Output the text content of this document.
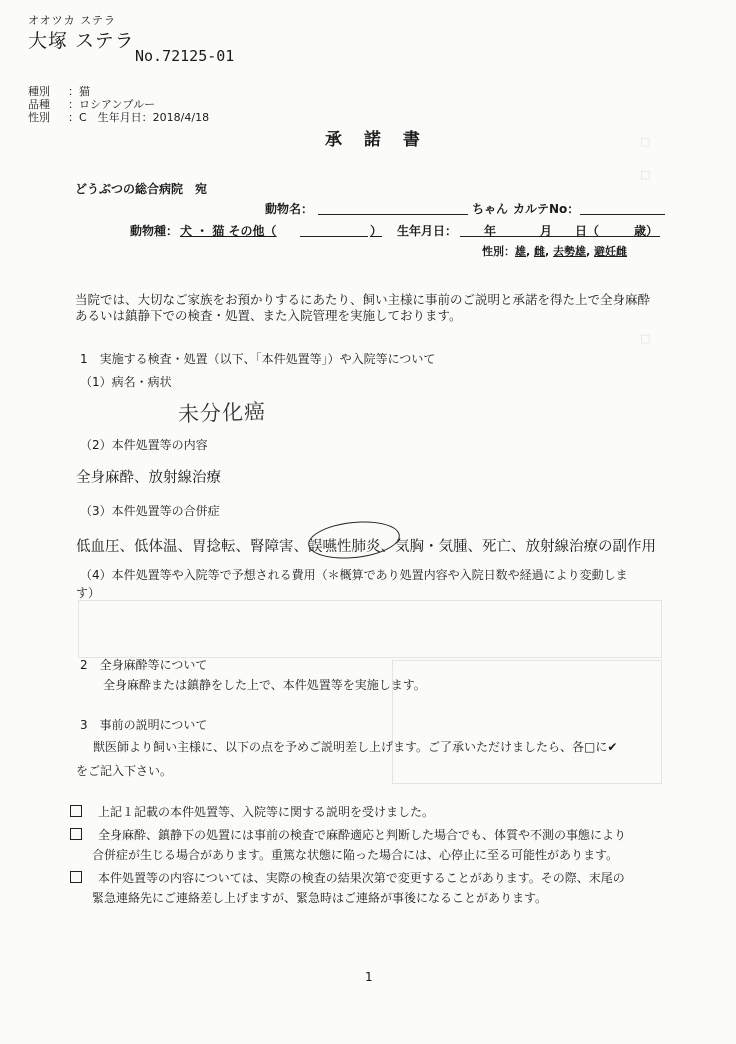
オオツカ ステラ
大塚 ステラ
No.72125-01
種別 ：猫
品種 ：ロシアンブルー
性別 ：C　生年月日：2018/4/18
□
□
□
承 諾 書
どうぶつの総合病院　宛
動物名：	ちゃん カルテNo：
動物種： 犬 ・ 猫 その他（	） 生年月日： 年	月 日（	歳）
性別：雄, 雌, 去勢雄, 避妊雌
当院では、大切なご家族をお預かりするにあたり、飼い主様に事前のご説明と承諾を得た上で全身麻酔
あるいは鎮静下での検査・処置、また入院管理を実施しております。
1　実施する検査・処置（以下、「本件処置等」）や入院等について
（1）病名・病状
未分化癌
（2）本件処置等の内容
全身麻酔、放射線治療
（3）本件処置等の合併症
低血圧、低体温、胃捻転、腎障害、誤嚥性肺炎、気胸・気腫、死亡、放射線治療の副作用
（4）本件処置等や入院等で予想される費用（＊概算であり処置内容や入院日数や経過により変動しま
す）
2　全身麻酔等について
全身麻酔または鎮静をした上で、本件処置等を実施します。
3　事前の説明について
獣医師より飼い主様に、以下の点を予めご説明差し上げます。ご了承いただけましたら、各□に✔
をご記入下さい。
上記１記載の本件処置等、入院等に関する説明を受けました。
全身麻酔、鎮静下の処置には事前の検査で麻酔適応と判断した場合でも、体質や不測の事態により
合併症が生じる場合があります。重篤な状態に陥った場合には、心停止に至る可能性があります。
本件処置等の内容については、実際の検査の結果次第で変更することがあります。その際、末尾の
緊急連絡先にご連絡差し上げますが、緊急時はご連絡が事後になることがあります。
1
